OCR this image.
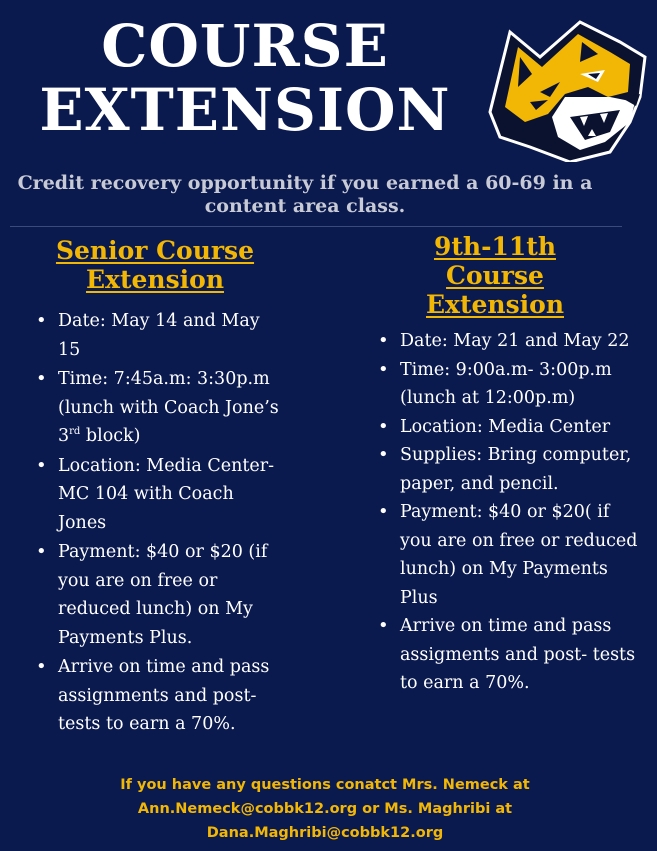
COURSE
EXTENSION
Credit recovery opportunity if you earned a 60-69 in a
content area class.
Senior Course
Extension
• Date: May 14 and May 15
• Time: 7:45a.m: 3:30p.m (lunch with Coach Jone’s 3rd block)
• Location: Media Center- MC 104 with Coach Jones
• Payment: $40 or $20 (if you are on free or reduced lunch) on My Payments Plus.
• Arrive on time and pass assignments and post- tests to earn a 70%.
9th-11th
Course
Extension
• Date: May 21 and May 22
• Time: 9:00a.m- 3:00p.m (lunch at 12:00p.m)
• Location: Media Center
• Supplies: Bring computer, paper, and pencil.
• Payment: $40 or $20( if you are on free or reduced lunch) on My Payments Plus
• Arrive on time and pass assigments and post- tests to earn a 70%.
If you have any questions conatct Mrs. Nemeck at
Ann.Nemeck@cobbk12.org or Ms. Maghribi at
Dana.Maghribi@cobbk12.org
